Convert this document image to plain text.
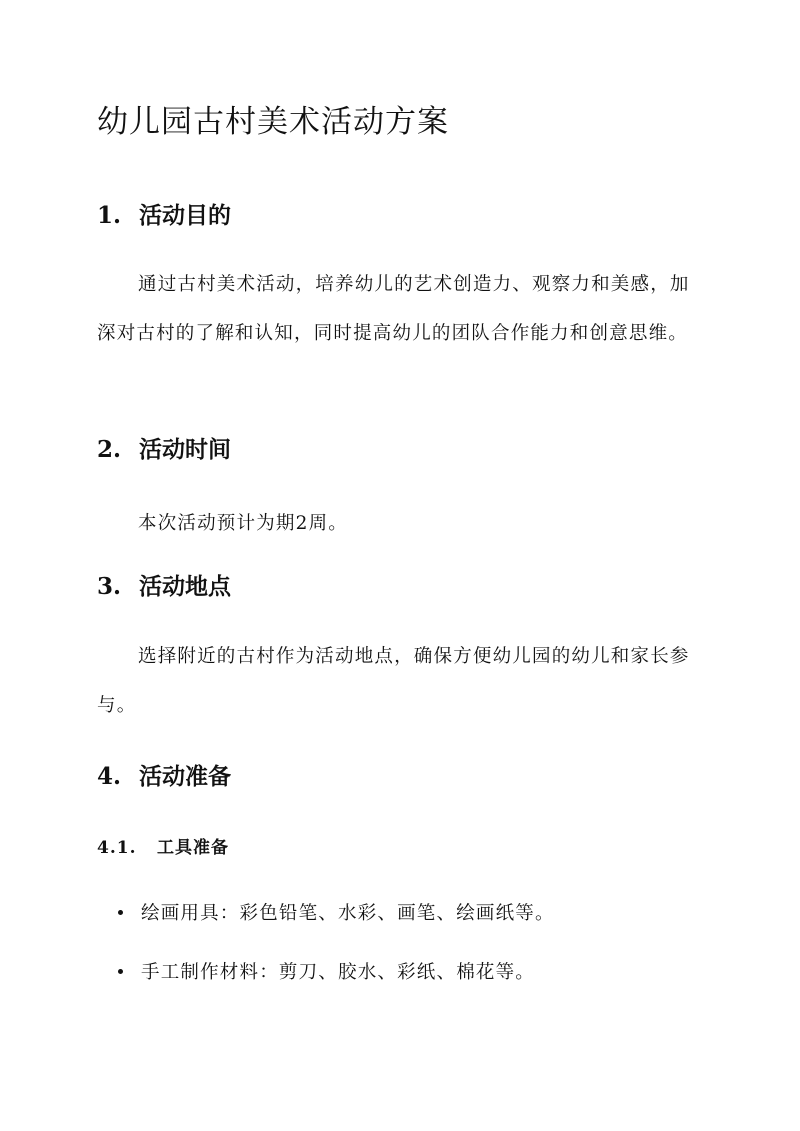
幼儿园古村美术活动方案
1. 活动目的

通过古村美术活动，培养幼儿的艺术创造力、观察力和美感，加深对古村的了解和认知，同时提高幼儿的团队合作能力和创意思维。

2. 活动时间

本次活动预计为期2周。

3. 活动地点

选择附近的古村作为活动地点，确保方便幼儿园的幼儿和家长参与。

4. 活动准备
4.1. 工具准备
绘画用具：彩色铅笔、水彩、画笔、绘画纸等。
手工制作材料：剪刀、胶水、彩纸、棉花等。
